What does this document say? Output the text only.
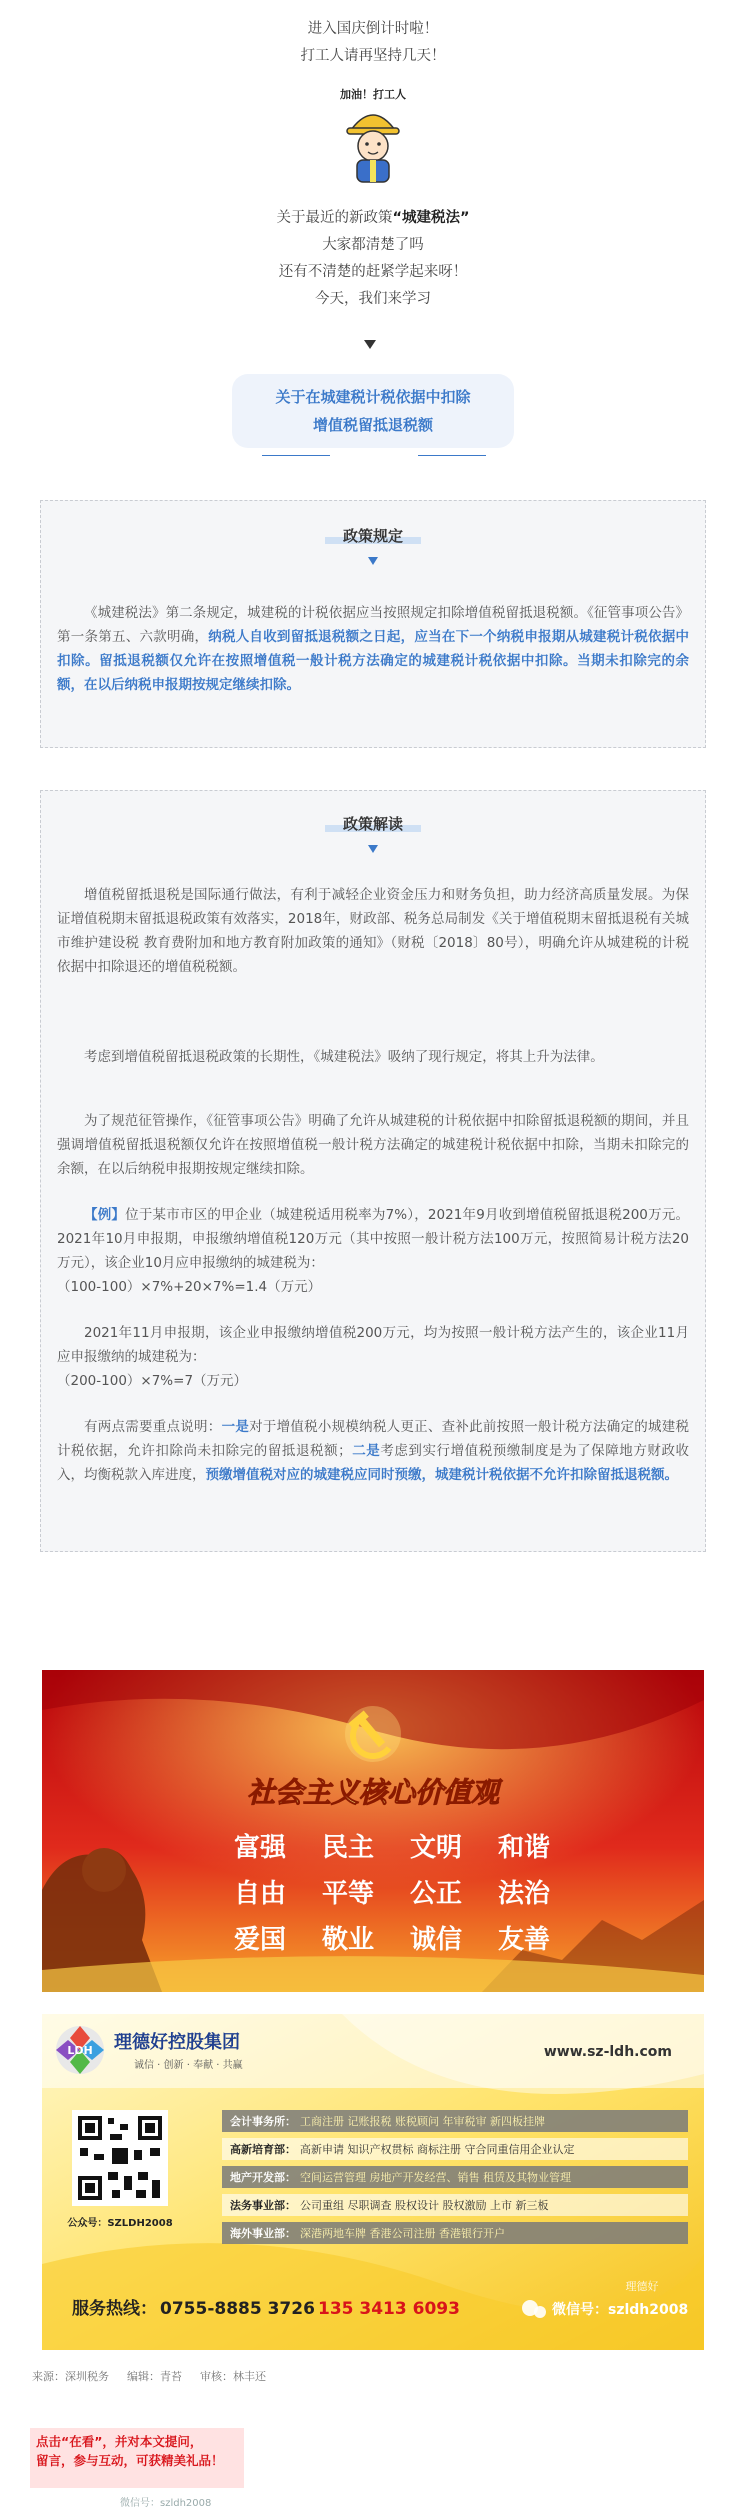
进入国庆倒计时啦！

打工人请再坚持几天！

加油！打工人

关于最近的新政策“城建税法”

大家都清楚了吗

还有不清楚的赶紧学起来呀！

今天，我们来学习

关于在城建税计税依据中扣除
增值税留抵退税额
政策规定

《城建税法》第二条规定，城建税的计税依据应当按照规定扣除增值税留抵退税额。《征管事项公告》第一条第五、六款明确，纳税人自收到留抵退税额之日起，应当在下一个纳税申报期从城建税计税依据中扣除。留抵退税额仅允许在按照增值税一般计税方法确定的城建税计税依据中扣除。当期未扣除完的余额，在以后纳税申报期按规定继续扣除。

政策解读

增值税留抵退税是国际通行做法，有利于减轻企业资金压力和财务负担，助力经济高质量发展。为保证增值税期末留抵退税政策有效落实，2018年，财政部、税务总局制发《关于增值税期末留抵退税有关城市维护建设税 教育费附加和地方教育附加政策的通知》（财税〔2018〕80号），明确允许从城建税的计税依据中扣除退还的增值税税额。

考虑到增值税留抵退税政策的长期性，《城建税法》吸纳了现行规定，将其上升为法律。

为了规范征管操作，《征管事项公告》明确了允许从城建税的计税依据中扣除留抵退税额的期间，并且强调增值税留抵退税额仅允许在按照增值税一般计税方法确定的城建税计税依据中扣除，当期未扣除完的余额，在以后纳税申报期按规定继续扣除。

【例】位于某市市区的甲企业（城建税适用税率为7%），2021年9月收到增值税留抵退税200万元。2021年10月申报期，申报缴纳增值税120万元（其中按照一般计税方法100万元，按照简易计税方法20万元），该企业10月应申报缴纳的城建税为：
（100-100）×7%+20×7%=1.4（万元）

2021年11月申报期，该企业申报缴纳增值税200万元，均为按照一般计税方法产生的，该企业11月应申报缴纳的城建税为：
（200-100）×7%=7（万元）

有两点需要重点说明：一是对于增值税小规模纳税人更正、查补此前按照一般计税方法确定的城建税计税依据，允许扣除尚未扣除完的留抵退税额；二是考虑到实行增值税预缴制度是为了保障地方财政收入，均衡税款入库进度，预缴增值税对应的城建税应同时预缴，城建税计税依据不允许扣除留抵退税额。

社会主义核心价值观
富强 民主 文明 和谐
自由 平等 公正 法治
爱国 敬业 诚信 友善
LDH 理德好控股集团
诚信 · 创新 · 奉献 · 共赢
www.sz-ldh.com
公众号：SZLDH2008
会计事务所： 工商注册 记账报税 账税顾问 年审税审 新四板挂牌
高新培育部： 高新申请 知识产权贯标 商标注册 守合同重信用企业认定
地产开发部： 空间运营管理 房地产开发经营、销售 租赁及其物业管理
法务事业部： 公司重组 尽职调查 股权设计 股权激励 上市 新三板
海外事业部： 深港两地车牌 香港公司注册 香港银行开户
服务热线： 0755-8885 3726 135 3413 6093
理德好
微信号：szldh2008
来源：深圳税务 编辑：青苔 审核：林丰还

点击“在看”，并对本文提问，

留言，参与互动，可获精美礼品！

微信号：szldh2008
